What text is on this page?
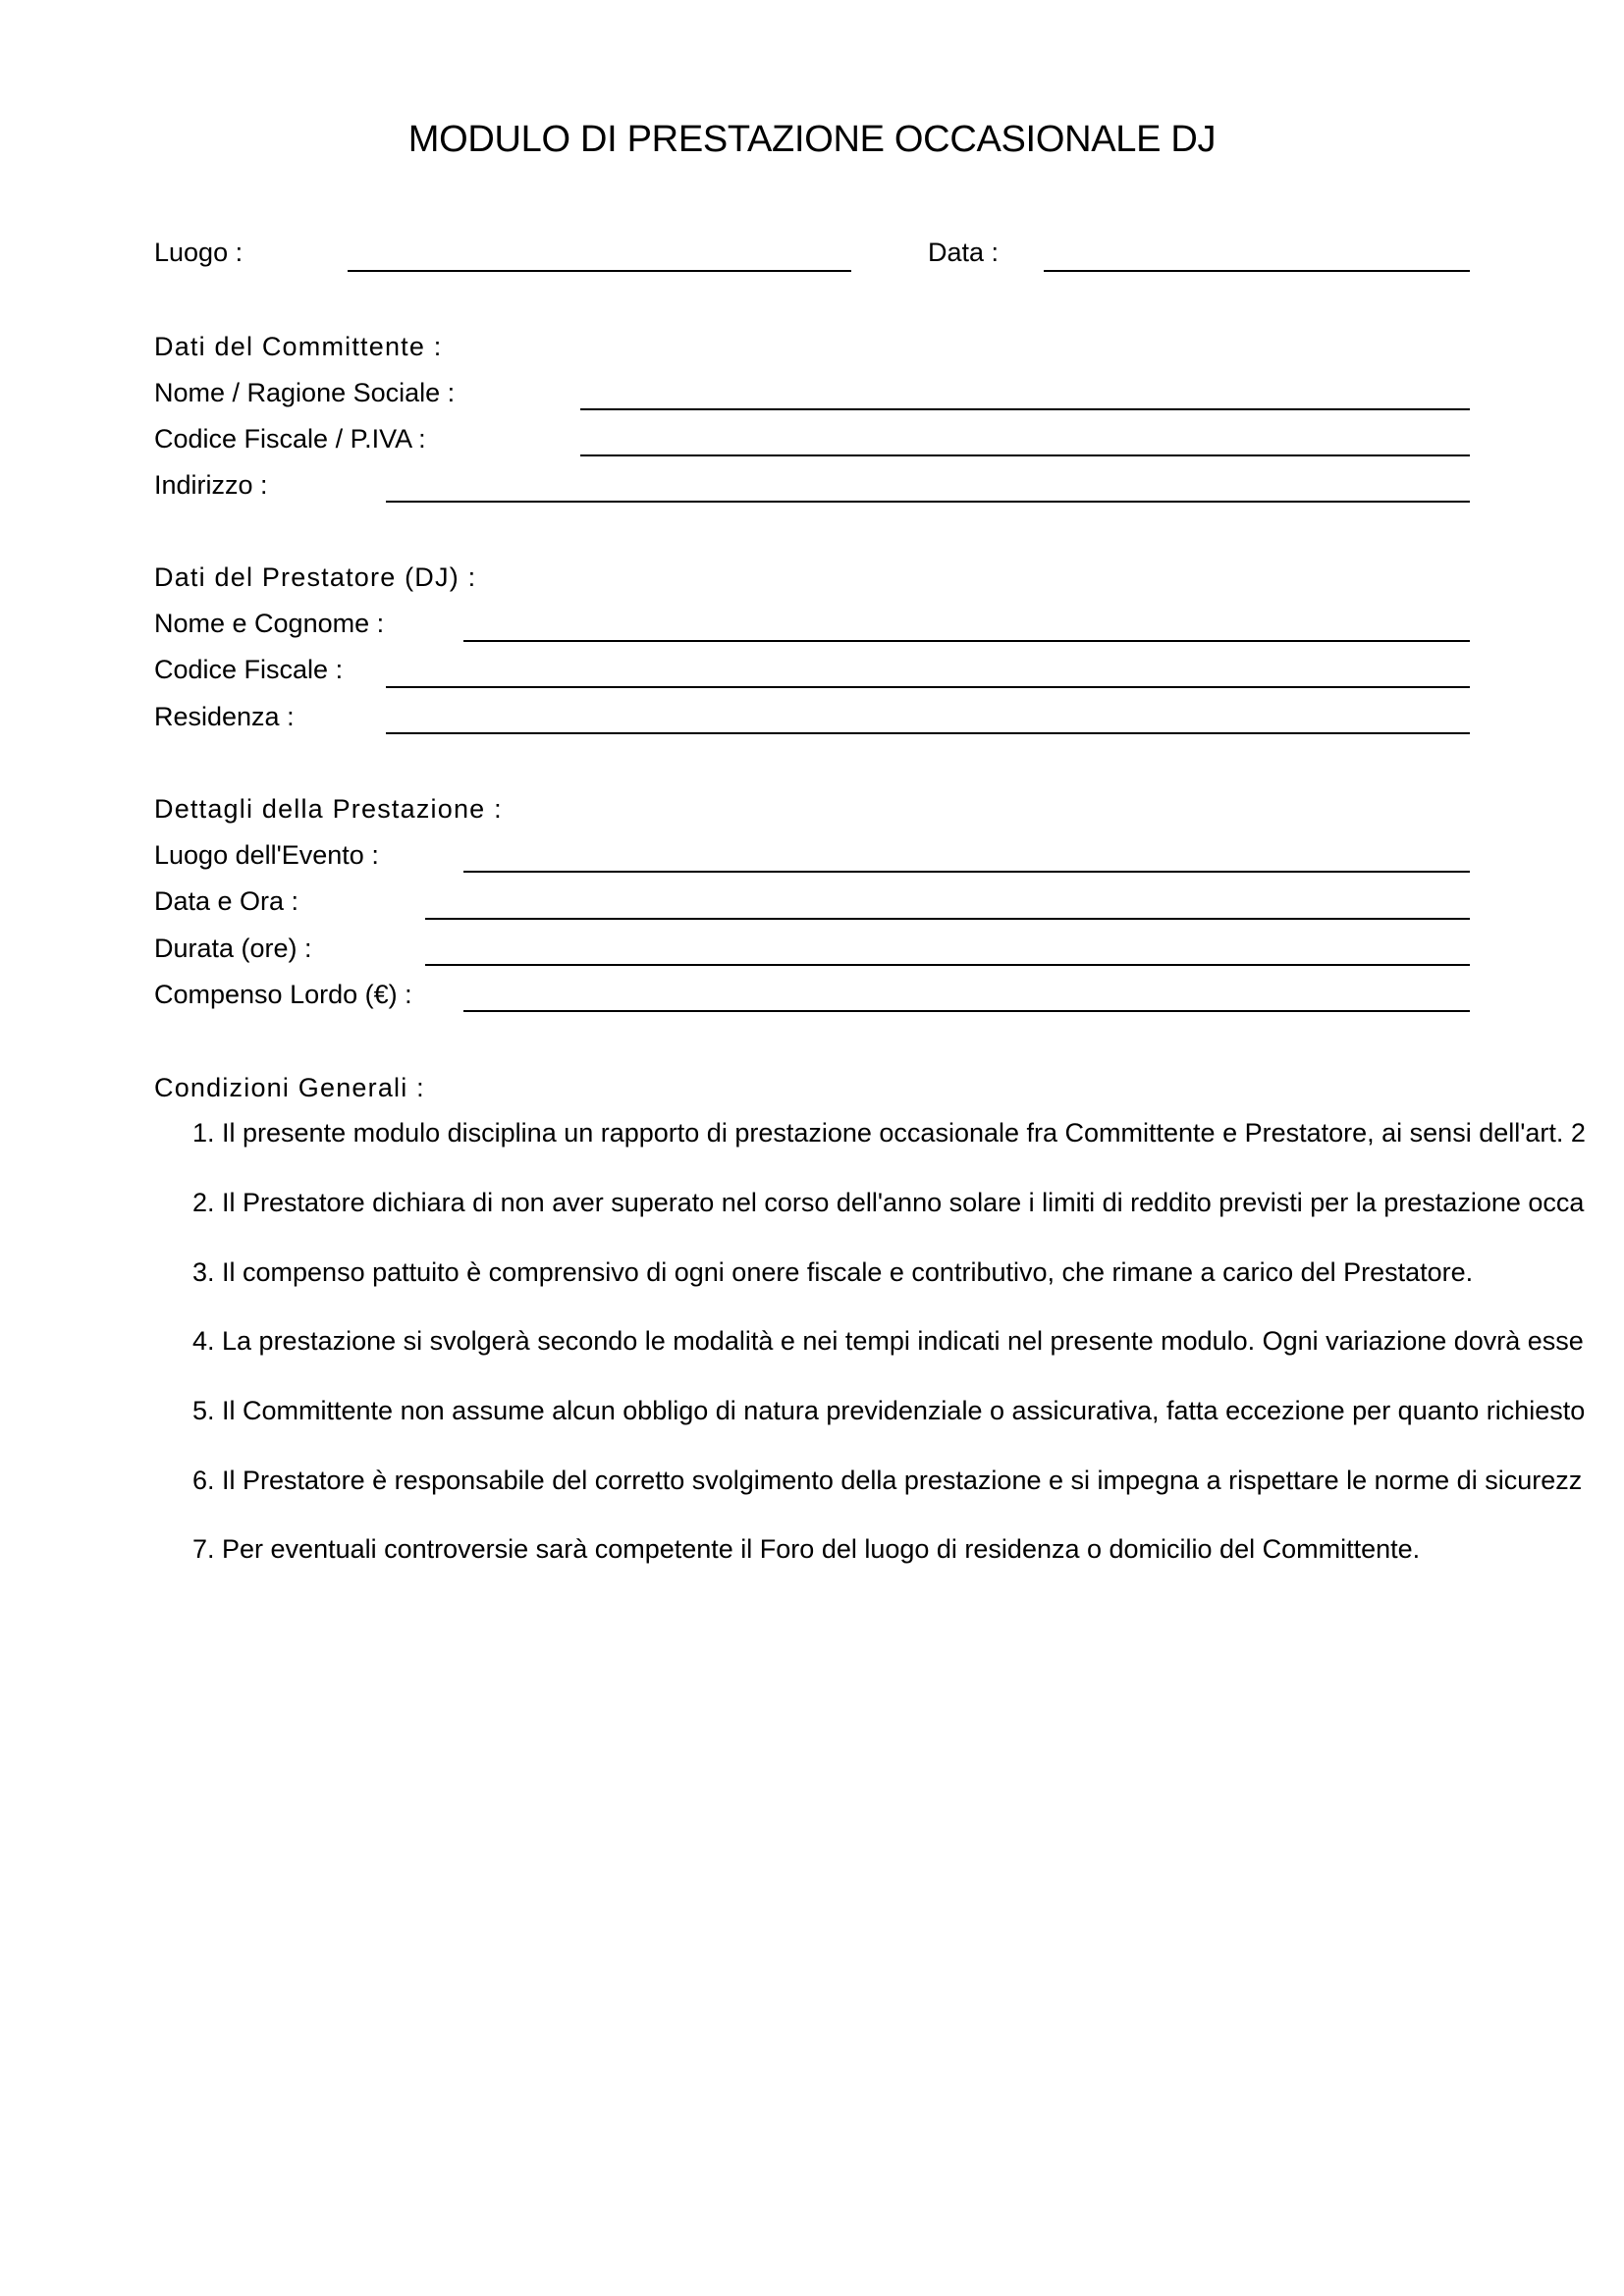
MODULO DI PRESTAZIONE OCCASIONALE DJ
Luogo :	Data :
Dati del Committente :
Nome / Ragione Sociale :
Codice Fiscale / P.IVA :
Indirizzo :
Dati del Prestatore (DJ) :
Nome e Cognome :
Codice Fiscale :
Residenza :
Dettagli della Prestazione :
Luogo dell'Evento :
Data e Ora :
Durata (ore) :
Compenso Lordo (€) :
Condizioni Generali :
1. Il presente modulo disciplina un rapporto di prestazione occasionale fra Committente e Prestatore, ai sensi dell'art. 2
2. Il Prestatore dichiara di non aver superato nel corso dell'anno solare i limiti di reddito previsti per la prestazione occa
3. Il compenso pattuito è comprensivo di ogni onere fiscale e contributivo, che rimane a carico del Prestatore.
4. La prestazione si svolgerà secondo le modalità e nei tempi indicati nel presente modulo. Ogni variazione dovrà esse
5. Il Committente non assume alcun obbligo di natura previdenziale o assicurativa, fatta eccezione per quanto richiesto
6. Il Prestatore è responsabile del corretto svolgimento della prestazione e si impegna a rispettare le norme di sicurezz
7. Per eventuali controversie sarà competente il Foro del luogo di residenza o domicilio del Committente.
